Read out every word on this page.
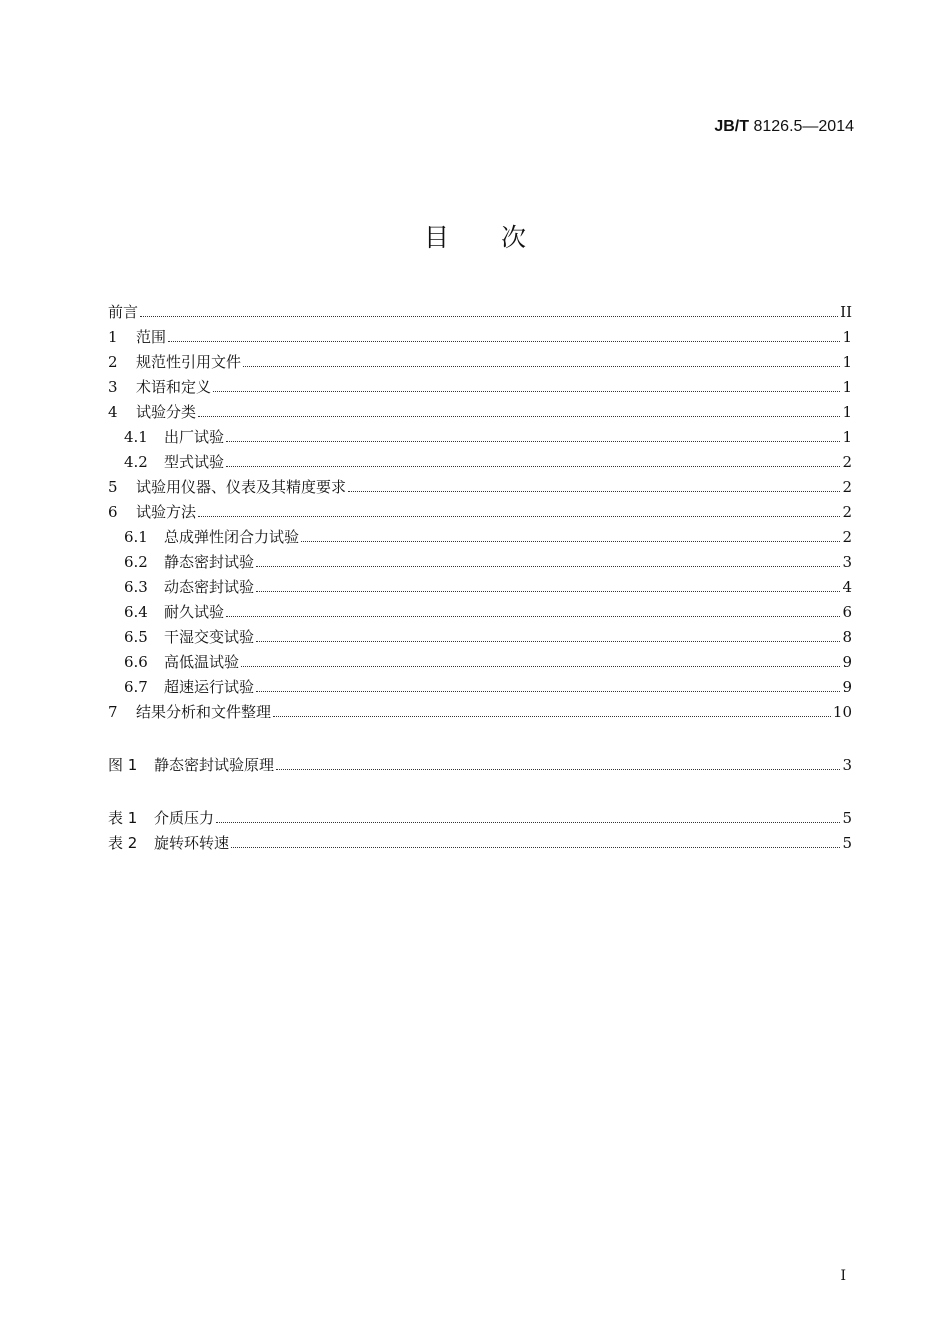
JB/T 8126.5—2014
目次
前言	II
1	范围	1
2	规范性引用文件	1
3	术语和定义	1
4	试验分类	1
4.1	出厂试验	1
4.2	型式试验	2
5	试验用仪器、仪表及其精度要求	2
6	试验方法	2
6.1	总成弹性闭合力试验	2
6.2	静态密封试验	3
6.3	动态密封试验	4
6.4	耐久试验	6
6.5	干湿交变试验	8
6.6	高低温试验	9
6.7	超速运行试验	9
7	结果分析和文件整理	10
图 1	静态密封试验原理	3
表 1	介质压力	5
表 2	旋转环转速	5
I
